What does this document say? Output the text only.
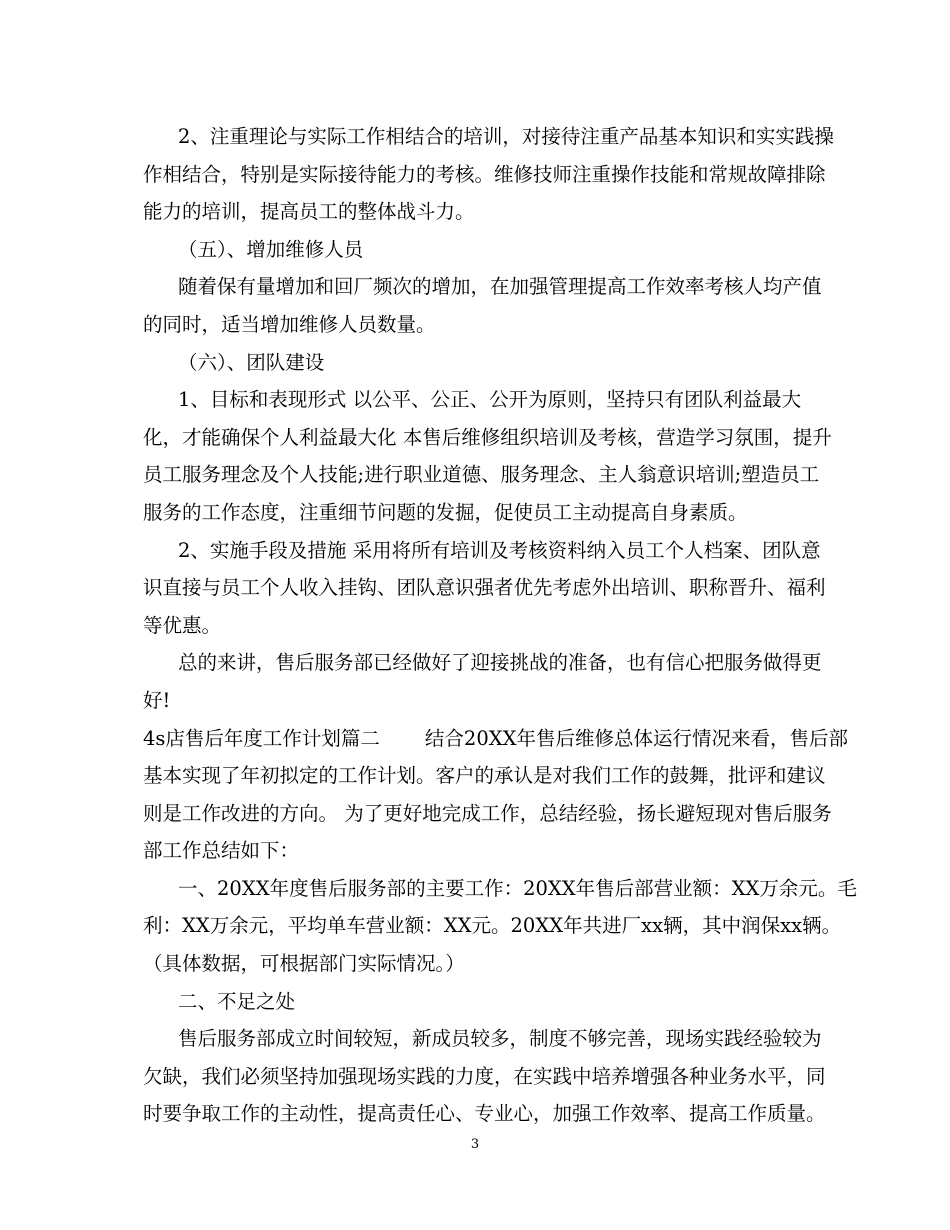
2、注重理论与实际工作相结合的培训，对接待注重产品基本知识和实实践操
作相结合，特别是实际接待能力的考核。维修技师注重操作技能和常规故障排除
能力的培训，提高员工的整体战斗力。
（五）、增加维修人员
随着保有量增加和回厂频次的增加，在加强管理提高工作效率考核人均产值
的同时，适当增加维修人员数量。
（六）、团队建设
1、目标和表现形式 以公平、公正、公开为原则，坚持只有团队利益最大
化，才能确保个人利益最大化 本售后维修组织培训及考核，营造学习氛围，提升
员工服务理念及个人技能;进行职业道德、服务理念、主人翁意识培训;塑造员工
服务的工作态度，注重细节问题的发掘，促使员工主动提高自身素质。
2、实施手段及措施 采用将所有培训及考核资料纳入员工个人档案、团队意
识直接与员工个人收入挂钩、团队意识强者优先考虑外出培训、职称晋升、福利
等优惠。
总的来讲，售后服务部已经做好了迎接挑战的准备，也有信心把服务做得更
好!
4s店售后年度工作计划篇二 结合20XX年售后维修总体运行情况来看，售后部
基本实现了年初拟定的工作计划。客户的承认是对我们工作的鼓舞，批评和建议
则是工作改进的方向。 为了更好地完成工作，总结经验，扬长避短现对售后服务
部工作总结如下：
一、20XX年度售后服务部的主要工作：20XX年售后部营业额：XX万余元。毛
利：XX万余元，平均单车营业额：XX元。20XX年共进厂xx辆，其中润保xx辆。
（具体数据，可根据部门实际情况。）
二、不足之处
售后服务部成立时间较短，新成员较多，制度不够完善，现场实践经验较为
欠缺，我们必须坚持加强现场实践的力度，在实践中培养增强各种业务水平，同
时要争取工作的主动性，提高责任心、专业心，加强工作效率、提高工作质量。
3
